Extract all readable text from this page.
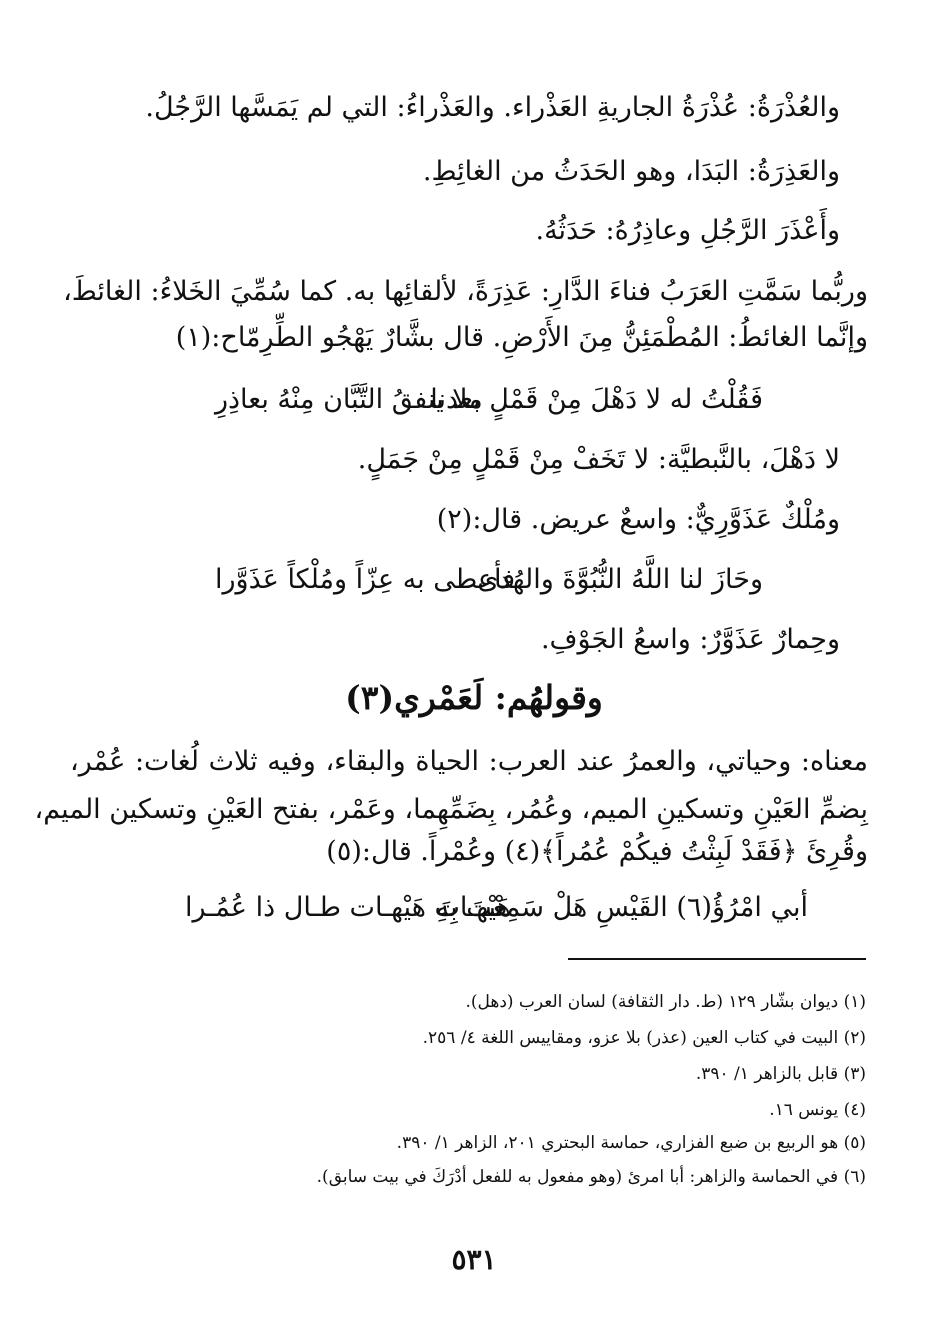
والعُذْرَةُ: عُذْرَةُ الجاريةِ العَذْراء. والعَذْراءُ: التي لم يَمَسَّها الرَّجُلُ.
والعَذِرَةُ: البَدَا، وهو الحَدَثُ من الغائِطِ.
وأَعْذَرَ الرَّجُلِ وعاذِرُهُ: حَدَثُهُ.
وربُّما سَمَّتِ العَرَبُ فناءَ الدَّارِ: عَذِرَةً، لألقائِها به. كما سُمِّيَ الخَلاءُ: الغائطَ،
وإنَّما الغائطُ: المُطْمَئِنُّ مِنَ الأَرْضِ. قال بشَّارٌ يَهْجُو الطِّرِمّاح:(١)
فَقُلْتُ له لا دَهْلَ مِنْ قَمْلٍ بعدنا
ملا ينفقُ التَّبَّان مِنْهُ بعاذِرِ
لا دَهْلَ، بالنَّبطيَّة: لا تَخَفْ مِنْ قَمْلٍ مِنْ جَمَلٍ.
ومُلْكٌ عَذَوَّرِيٌّ: واسعٌ عريض. قال:(٢)
وحَازَ لنا اللَّهُ النُّبُوَّةَ والهُدى
فأعطى به عِزّاً ومُلْكاً عَذَوَّرا
وحِمارٌ عَذَوَّرٌ: واسعُ الجَوْفِ.
وقولهُم: لَعَمْري(٣)
معناه: وحياتي، والعمرُ عند العرب: الحياة والبقاء، وفيه ثلاث لُغات: عُمْر،
بِضمِّ العَيْنِ وتسكينِ الميم، وعُمُر، بِضَمِّهِما، وعَمْر، بفتح العَيْنِ وتسكين الميم،
وقُرِئَ ﴿فَقَدْ لَبِثْتُ فيكُمْ عُمُراً﴾(٤) وعُمْراً. قال:(٥)
أبي امْرُؤُ(٦) القَيْسِ هَلْ سَمِعْتَ بِهِ
هَيْهـاتَ هَيْهـات طـال ذا عُمُـرا
(١) ديوان بشّار ١٢٩ (ط. دار الثقافة) لسان العرب (دهل).
(٢) البيت في كتاب العين (عذر) بلا عزو، ومقاييس اللغة ٤/ ٢٥٦.
(٣) قابل بالزاهر ١/ ٣٩٠.
(٤) يونس ١٦.
(٥) هو الربيع بن ضبع الفزاري، حماسة البحتري ٢٠١، الزاهر ١/ ٣٩٠.
(٦) في الحماسة والزاهر: أبا امرئ (وهو مفعول به للفعل أدْرَكَ في بيت سابق).
٥٣١
